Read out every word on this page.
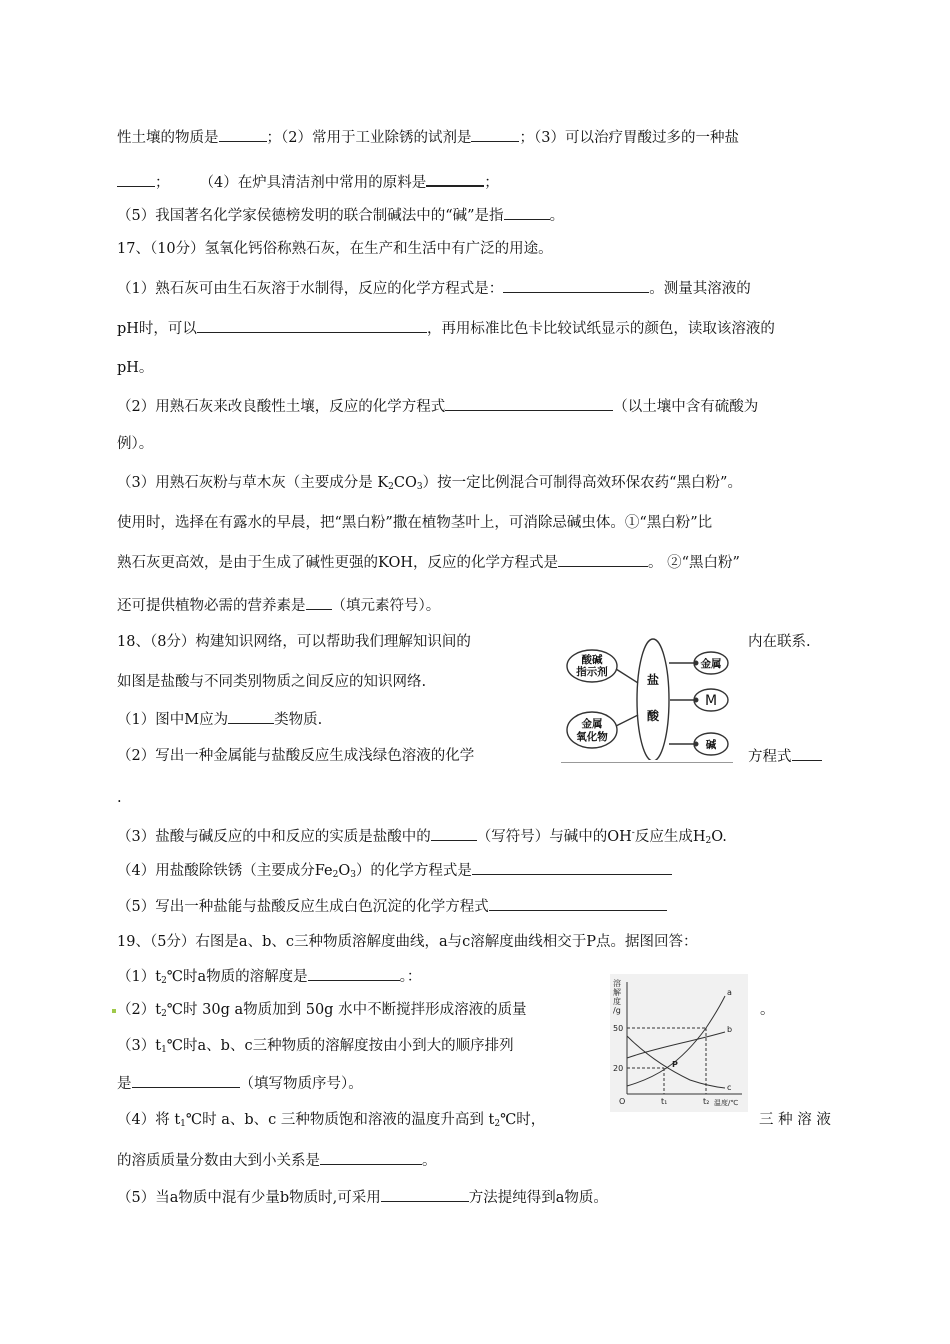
性土壤的物质是	；（2）常用于工业除锈的试剂是	；（3）可以治疗胃酸过多的一种盐
； （4）在炉具清洁剂中常用的原料是	；
（5）我国著名化学家侯德榜发明的联合制碱法中的“碱”是指	。
17、（10分）氢氧化钙俗称熟石灰，在生产和生活中有广泛的用途。
（1）熟石灰可由生石灰溶于水制得，反应的化学方程式是：	。测量其溶液的
pH时，可以	，再用标准比色卡比较试纸显示的颜色，读取该溶液的
pH。
（2）用熟石灰来改良酸性土壤，反应的化学方程式	（以土壤中含有硫酸为
例）。
（3）用熟石灰粉与草木灰（主要成分是 $K_2CO_3$）按一定比例混合可制得高效环保农药“黑白粉”。
使用时，选择在有露水的早晨，把“黑白粉”撒在植物茎叶上，可消除忌碱虫体。①“黑白粉”比
熟石灰更高效，是由于生成了碱性更强的KOH，反应的化学方程式是	。 ②“黑白粉”
还可提供植物必需的营养素是 （填元素符号）。
18、（8分）构建知识网络，可以帮助我们理解知识间的	内在联系.
如图是盐酸与不同类别物质之间反应的知识网络.
（1）图中M应为	类物质.
（2）写出一种金属能与盐酸反应生成浅绿色溶液的化学	方程式
.
（3）盐酸与碱反应的中和反应的实质是盐酸中的	（写符号）与碱中的OH-反应生成$H_2O$.
（4）用盐酸除铁锈（主要成分$Fe_2O_3$）的化学方程式是
（5）写出一种盐能与盐酸反应生成白色沉淀的化学方程式
酸碱
指示剂
金属
氧化物
盐
酸
金属
M
碱
19、（5分）右图是a、b、c三种物质溶解度曲线，a与c溶解度曲线相交于P点。据图回答：
$(1)t_2℃$时a物质的溶解度是	。：
$(2)t_2℃$时 30g a物质加到 50g 水中不断搅拌形成溶液的质量	。
$(3)t_1℃$时a、b、c三种物质的溶解度按由小到大的顺序排列
是	（填写物质序号）。
（4）将 $t_1℃$时 a、b、c 三种物质饱和溶液的温度升高到 $t_2℃$时，	三 种 溶 液
的溶质质量分数由大到小关系是	。
（5）当a物质中混有少量b物质时,可采用	方法提纯得到a物质。
溶
解
度
/g
50
20
O	t₁	t₂ 温度/℃
a
b
c
P
